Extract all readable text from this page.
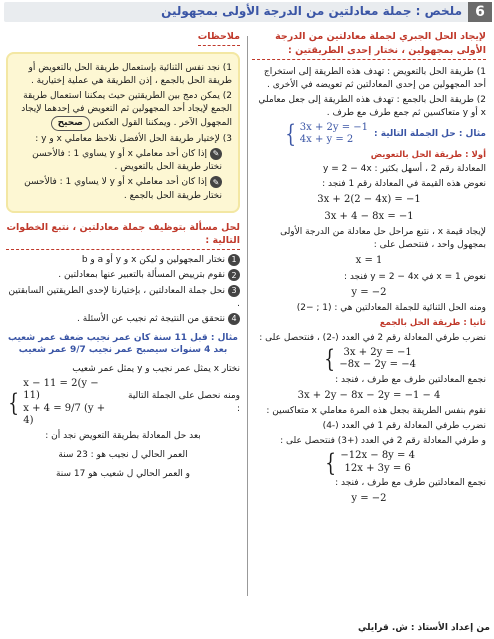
6
ملخص : جملة معادلتين من الدرجة الأولى بمجهولين
لإيجاد الحل الجبري لجملة معادلتين من الدرجة الأولى بمجهولين ، نختار إحدى الطريقتين :
1) طريقة الحل بالتعويض : تهدف هذه الطريقة إلى استخراج أحد المجهولين من إحدى المعادلتين ثم تعويضه في الأخرى .
2) طريقة الحل بالجمع : تهدف هذه الطريقة إلى جعل معاملي x أو y متعاكسين ثم جمع طرف مع طرف .
مثال : حل الجملة التالية :
{ 3x + 2y = −1
4x + y = 2
أولا : طريقة الحل بالتعويض
المعادلة رقم 2 ، أسهل بكثير : y = 2 − 4x
نعوض هذه القيمة في المعادلة رقم 1 فنجد :
3x + 2(2 − 4x) = −1
3x + 4 − 8x = −1
لإيجاد قيمة x ، نتبع مراحل حل معادلة من الدرجة الأولى بمجهول واحد ، فنتحصل على :
x = 1
نعوض x = 1 في y = 2 − 4x فنجد :
y = −2
ومنه الحل الثنائية للجملة المعادلتين هي : (1 ; −2)
ثانيا : طريقة الحل بالجمع
نضرب طرفي المعادلة رقم 2 في العدد (-2) ، فنتحصل على :
{ 3x + 2y = −1
−8x − 2y = −4
نجمع المعادلتين طرف مع طرف ، فنجد :
3x + 2y − 8x − 2y = −1 − 4
نقوم بنفس الطريقة بجعل هذه المرة معاملي x متعاكسين :
نضرب طرفي المعادلة رقم 1 في العدد (-4)
و طرفي المعادلة رقم 2 في العدد (+3) فنتحصل على :
{ −12x − 8y = 4
12x + 3y = 6
نجمع المعادلتين طرف مع طرف ، فنجد :
y = −2
ملاحظات
1) نجد نفس الثنائية بإستعمال طريقة الحل بالتعويض أو طريقة الحل بالجمع ، إذن الطريقة هي عملية إختيارية .
2) يمكن دمج بين الطريقتين حيث يمكننا استعمال طريقة الجمع لإيجاد أحد المجهولين ثم التعويض في إحدهما لإيجاد المجهول الآخر . ويمكننا القول العكس صحيح
3) لإختيار طريقة الحل الأفضل نلاحظ معاملي x و y :
✎إذا كان أحد معاملي x أو y يساوي 1 : فالأحسن نختار طريقة الحل بالتعويض .
✎إذا كان أحد معاملي x أو y لا يساوي 1 : فالأحسن نختار طريقة الحل بالجمع .
لحل مسألة بتوظيف جملة معادلتين ، نتبع الخطوات التالية :
1نختار المجهولين و ليكن x و y أو a و b
2نقوم بترييض المسألة بالتعبير عنها بمعادلتين .
3نحل جملة المعادلتين ، بإختيارنا لإحدى الطريقتين السابقتين .
4نتحقق من النتيجة ثم نجيب عن الأسئلة .
مثال : قبل 11 سنة كان عمر نجيب ضعف عمر شعيب
بعد 4 سنوات سيصبح عمر نجيب 9/7 عمر شعيب
نختار x يمثل عمر نجيب و y يمثل عمر شعيب
ومنه نحصل على الجملة التالية :
{
x − 11 = 2(y − 11)
x + 4 = 9/7 (y + 4)
بعد حل المعادلة بطريقة التعويض نجد أن :
العمر الحالي ل نجيب هو : 23 سنة
و العمر الحالي ل شعيب هو 17 سنة
من إعداد الأستاذ : ش. قرايلي
